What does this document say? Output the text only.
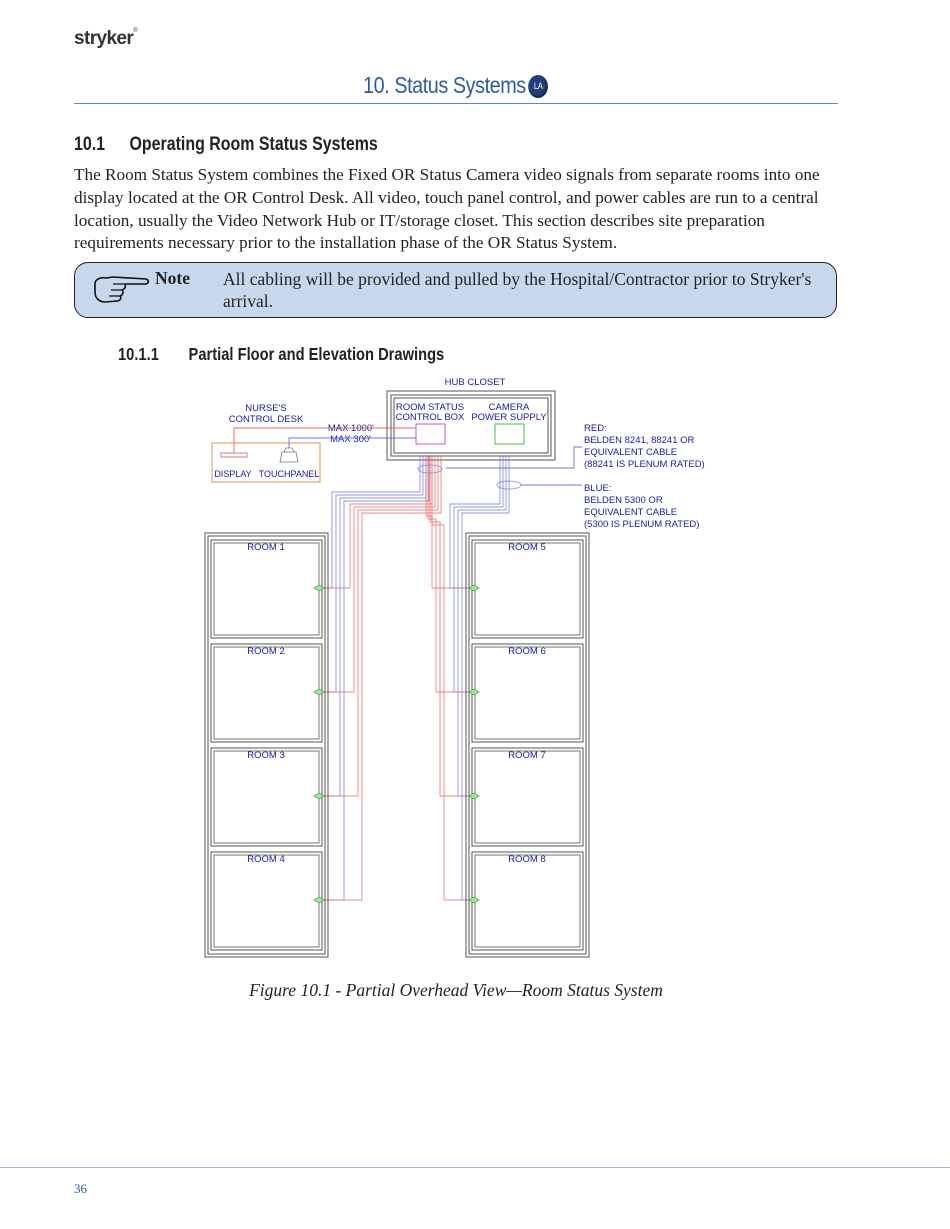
stryker®
10. Status Systems LA
10.1 Operating Room Status Systems
The Room Status System combines the Fixed OR Status Camera video signals from separate rooms into one display located at the OR Control Desk. All video, touch panel control, and power cables are run to a central location, usually the Video Network Hub or IT/storage closet. This section describes site preparation requirements necessary prior to the installation phase of the OR Status System.
Note All cabling will be provided and pulled by the Hospital/Contractor prior to Stryker's arrival.
10.1.1 Partial Floor and Elevation Drawings
HUB CLOSET
ROOM STATUS
CONTROL BOX
CAMERA
POWER SUPPLY
NURSE'S
CONTROL DESK
DISPLAY TOUCHPANEL
MAX 1000'
MAX 300'
RED:
BELDEN 8241, 88241 OR
EQUIVALENT CABLE
(88241 IS PLENUM RATED)
BLUE:
BELDEN 5300 OR
EQUIVALENT CABLE
(5300 IS PLENUM RATED)
ROOM 1	ROOM 5
ROOM 2	ROOM 6
ROOM 3	ROOM 7
ROOM 4	ROOM 8
Figure 10.1 - Partial Overhead View—Room Status System
36
